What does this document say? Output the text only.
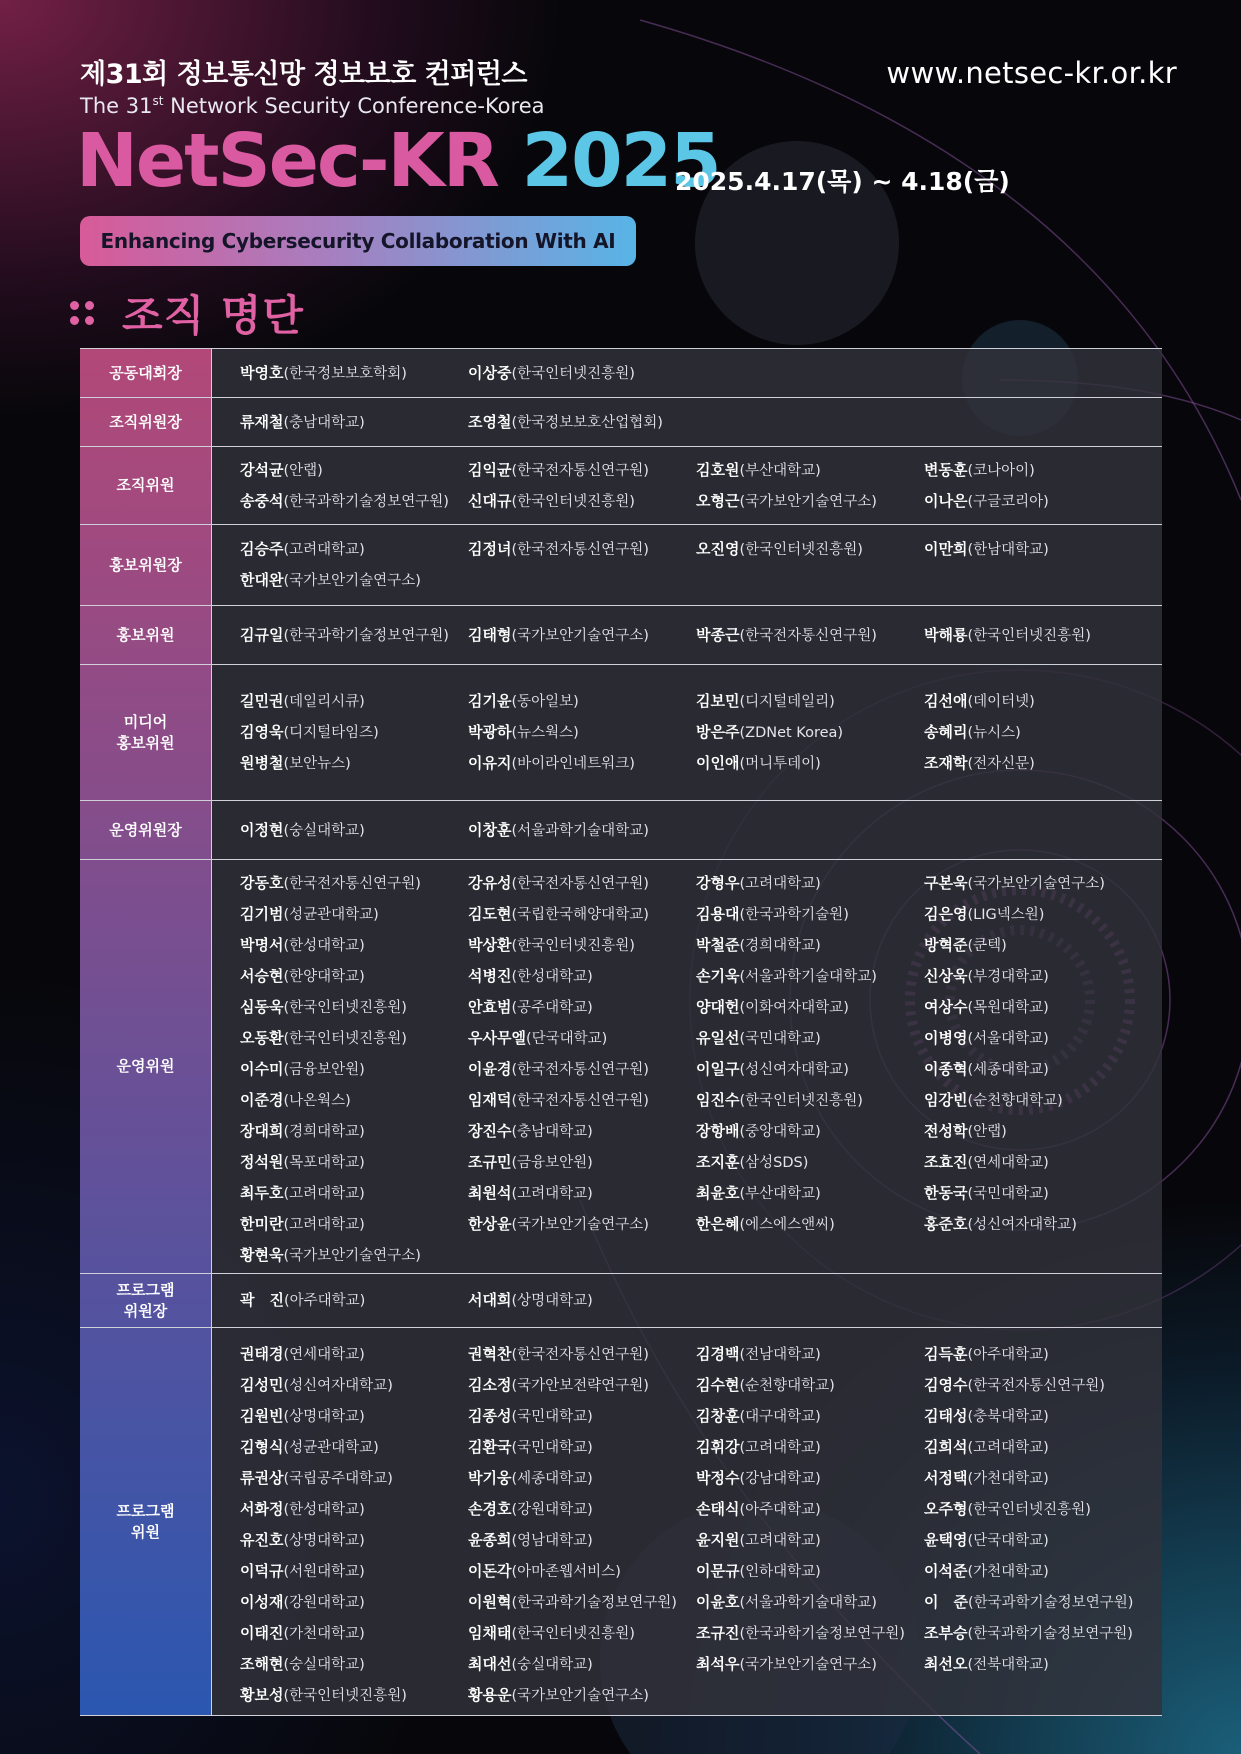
제31회 정보통신망 정보보호 컨퍼런스
The 31st Network Security Conference-Korea
www.netsec-kr.or.kr
NetSec-KR 2025
2025.4.17(목) ~ 4.18(금)
Enhancing Cybersecurity Collaboration With AI
조직 명단
공동대회장	박영호(한국정보보호학회)	이상중(한국인터넷진흥원)
조직위원장	류재철(충남대학교)	조영철(한국정보보호산업협회)
조직위원
강석균(안랩)	김익균(한국전자통신연구원)	김호원(부산대학교)	변동훈(코나아이)
송중석(한국과학기술정보연구원)	신대규(한국인터넷진흥원)	오형근(국가보안기술연구소)	이나은(구글코리아)
홍보위원장
김승주(고려대학교)	김정녀(한국전자통신연구원)	오진영(한국인터넷진흥원)	이만희(한남대학교)
한대완(국가보안기술연구소)
홍보위원	김규일(한국과학기술정보연구원)	김태형(국가보안기술연구소)	박종근(한국전자통신연구원)	박해룡(한국인터넷진흥원)
미디어
홍보위원
길민권(데일리시큐)	김기윤(동아일보)	김보민(디지털데일리)	김선애(데이터넷)
김영욱(디지털타임즈)	박광하(뉴스웍스)	방은주(ZDNet Korea)	송혜리(뉴시스)
원병철(보안뉴스)	이유지(바이라인네트워크)	이인애(머니투데이)	조재학(전자신문)
운영위원장	이정현(숭실대학교)	이창훈(서울과학기술대학교)
운영위원
강동호(한국전자통신연구원)	강유성(한국전자통신연구원)	강형우(고려대학교)	구본욱(국가보안기술연구소)
김기범(성균관대학교)	김도현(국립한국해양대학교)	김용대(한국과학기술원)	김은영(LIG넥스원)
박명서(한성대학교)	박상환(한국인터넷진흥원)	박철준(경희대학교)	방혁준(쿤텍)
서승현(한양대학교)	석병진(한성대학교)	손기욱(서울과학기술대학교)	신상욱(부경대학교)
심동욱(한국인터넷진흥원)	안효범(공주대학교)	양대헌(이화여자대학교)	여상수(목원대학교)
오동환(한국인터넷진흥원)	우사무엘(단국대학교)	유일선(국민대학교)	이병영(서울대학교)
이수미(금융보안원)	이윤경(한국전자통신연구원)	이일구(성신여자대학교)	이종혁(세종대학교)
이준경(나온웍스)	임재덕(한국전자통신연구원)	임진수(한국인터넷진흥원)	임강빈(순천향대학교)
장대희(경희대학교)	장진수(충남대학교)	장항배(중앙대학교)	전성학(안랩)
정석원(목포대학교)	조규민(금융보안원)	조지훈(삼성SDS)	조효진(연세대학교)
최두호(고려대학교)	최원석(고려대학교)	최윤호(부산대학교)	한동국(국민대학교)
한미란(고려대학교)	한상윤(국가보안기술연구소)	한은혜(에스에스앤씨)	홍준호(성신여자대학교)
황현욱(국가보안기술연구소)
프로그램
위원장
곽　진(아주대학교)	서대희(상명대학교)
프로그램
위원
권태경(연세대학교)	권혁찬(한국전자통신연구원)	김경백(전남대학교)	김득훈(아주대학교)
김성민(성신여자대학교)	김소정(국가안보전략연구원)	김수현(순천향대학교)	김영수(한국전자통신연구원)
김원빈(상명대학교)	김종성(국민대학교)	김창훈(대구대학교)	김태성(충북대학교)
김형식(성균관대학교)	김환국(국민대학교)	김휘강(고려대학교)	김희석(고려대학교)
류권상(국립공주대학교)	박기웅(세종대학교)	박정수(강남대학교)	서정택(가천대학교)
서화정(한성대학교)	손경호(강원대학교)	손태식(아주대학교)	오주형(한국인터넷진흥원)
유진호(상명대학교)	윤종희(영남대학교)	윤지원(고려대학교)	윤택영(단국대학교)
이덕규(서원대학교)	이돈각(아마존웹서비스)	이문규(인하대학교)	이석준(가천대학교)
이성재(강원대학교)	이원혁(한국과학기술정보연구원)	이윤호(서울과학기술대학교)	이　준(한국과학기술정보연구원)
이태진(가천대학교)	임채태(한국인터넷진흥원)	조규진(한국과학기술정보연구원)	조부승(한국과학기술정보연구원)
조해현(숭실대학교)	최대선(숭실대학교)	최석우(국가보안기술연구소)	최선오(전북대학교)
황보성(한국인터넷진흥원)	황용운(국가보안기술연구소)
